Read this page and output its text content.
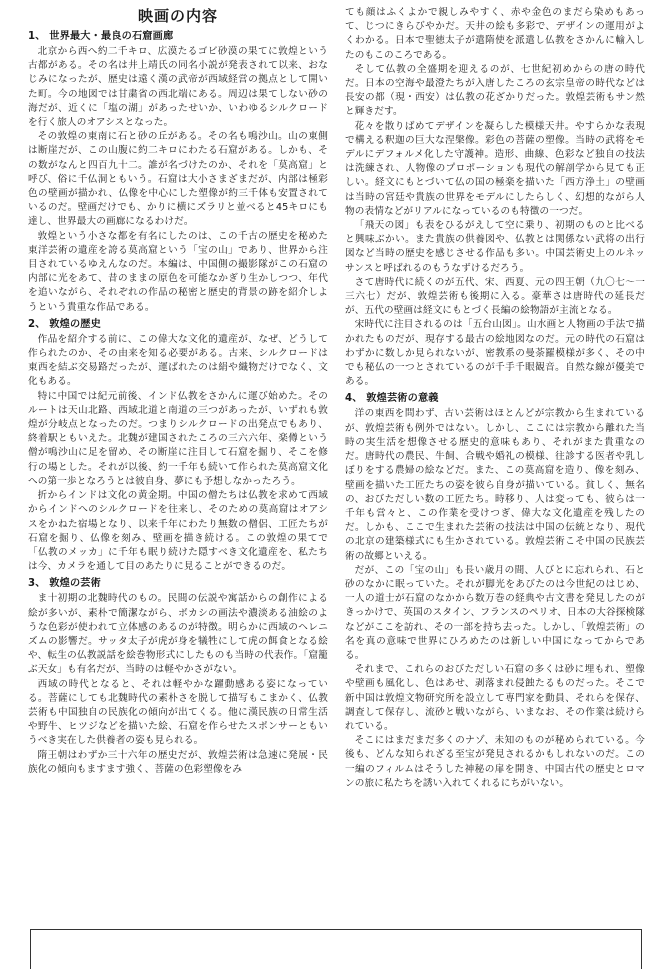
映画の内容
1、 世界最大・最良の石窟画廊

北京から西へ約二千キロ、広漠たるゴビ砂漠の果てに敦煌という古都がある。その名は井上靖氏の同名小説が発表されて以来、おなじみになったが、歴史は遠く漢の武帝が西域経営の拠点として開いた町。今の地図では甘粛省の西北端にある。周辺は果てしない砂の海だが、近くに「塩の湖」があったせいか、いわゆるシルクロードを行く旅人のオアシスとなった。

その敦煌の東南に石と砂の丘がある。その名も鳴沙山。山の東側は断崖だが、この山腹に約二キロにわたる石窟がある。しかも、その数がなんと四百九十二。誰が名づけたのか、それを「莫高窟」と呼び、俗に千仏洞ともいう。石窟は大小さまざまだが、内部は極彩色の壁画が描かれ、仏像を中心にした塑像が約三千体も安置されているのだ。壁画だけでも、かりに横にズラリと並べると45キロにも達し、世界最大の画廊になるわけだ。

敦煌という小さな都を有名にしたのは、この千古の歴史を秘めた東洋芸術の遺産を誇る莫高窟という「宝の山」であり、世界から注目されているゆえんなのだ。本編は、中国側の撮影隊がこの石窟の内部に光をあて、昔のままの原色を可能なかぎり生かしつつ、年代を追いながら、それぞれの作品の秘密と歴史的背景の跡を紹介しようという貴重な作品である。

2、 敦煌の歴史

作品を紹介する前に、この偉大な文化的遺産が、なぜ、どうして作られたのか、その由来を知る必要がある。古来、シルクロードは東西を結ぶ交易路だったが、運ばれたのは絹や織物だけでなく、文化もある。

特に中国では紀元前後、インド仏教をさかんに運び始めた。そのルートは天山北路、西域北道と南道の三つがあったが、いずれも敦煌が分岐点となったのだ。つまりシルクロードの出発点でもあり、終着駅ともいえた。北魏が建国されたころの三六六年、楽僔という僧が鳴沙山に足を留め、その断崖に注目して石窟を掘り、そこを修行の場とした。それが以後、約一千年も続いて作られた莫高窟文化への第一歩となろうとは彼自身、夢にも予想しなかったろう。

折からインドは文化の黄金期。中国の僧たちは仏教を求めて西域からインドへのシルクロードを往来し、そのための莫高窟はオアシスをかねた宿場となり、以来千年にわたり無数の僧侶、工匠たちが石窟を掘り、仏像を刻み、壁画を描き続ける。この敦煌の果てで「仏教のメッカ」に千年も眠り続けた隠すべき文化遺産を、私たちは今、カメラを通して目のあたりに見ることができるのだ。

3、 敦煌の芸術

ま十初期の北魏時代のもの。民間の伝説や寓話からの創作による絵が多いが、素朴で簡潔ながら、ボカシの画法や濃淡ある油絵のような色彩が使われて立体感のあるのが特徴。明らかに西域のヘレニズムの影響だ。サッタ太子が虎が身を犠牲にして虎の餌食となる絵や、転生の仏教説話を絵巻物形式にしたものも当時の代表作。「窟籠ぶ天女」も有名だが、当時のは軽やかさがない。

西域の時代となると、それは軽やかな躍動感ある姿になっている。菩薩にしても北魏時代の素朴さを脱して描写もこまかく、仏教芸術も中国独自の民族化の傾向が出てくる。他に漢民族の日常生活や野牛、ヒツジなどを描いた絵、石窟を作らせたスポンサーともいうべき実在した供養者の姿も見られる。

隋王朝はわずか三十六年の歴史だが、敦煌芸術は急速に発展・民族化の傾向もますます強く、菩薩の色彩塑像をみ

ても顔はふくよかで親しみやすく、赤や金色のまだら染めもあって、じつにきらびやかだ。天井の絵も多彩で、デザインの運用がよくわかる。日本で聖徳太子が遣隋使を派遣し仏教をさかんに輸入したのもこのころである。

そして仏教の全盛期を迎えるのが、七世紀初めからの唐の時代だ。日本の空海や最澄たちが入唐したころの玄宗皇帝の時代などは長安の都（現・西安）は仏教の花ざかりだった。敦煌芸術もサン然と輝きだす。

花々を散りばめてデザインを凝らした模様天井。やすらかな表現で構える釈迦の巨大な涅槃像。彩色の菩薩の塑像。当時の武将をモデルにデフォルメ化した守護神。造形、曲線、色彩など独自の技法は洗練され、人物像のプロポーションも現代の解剖学から見ても正しい。経文にもとづいて仏の国の極楽を描いた「西方浄土」の壁画は当時の宮廷や貴族の世界をモデルにしたらしく、幻想的ながら人物の表情などがリアルになっているのも特徴の一つだ。

「飛天の図」も表をひるがえして空に乗り、初期のものと比べると興味ぶかい。また貴族の供養図や、仏教とは関係ない武将の出行図など当時の歴史を感じさせる作品も多い。中国芸術史上のルネッサンスと呼ばれるのもうなずけるだろう。

さて唐時代に続くのが五代、宋、西夏、元の四王朝（九〇七〜一三六七）だが、敦煌芸術も後期に入る。豪華さは唐時代の延長だが、五代の壁画は経文にもとづく長編の絵物語が主流となる。

宋時代に注目されるのは「五台山図」。山水画と人物画の手法で描かれたものだが、現存する最古の絵地図なのだ。元の時代の石窟はわずかに数しか見られないが、密教系の曼荼羅模様が多く、その中でも秘仏の一つとされているのが千手千眼観音。自然な線が優美である。

4、 敦煌芸術の意義

洋の東西を問わず、古い芸術はほとんどが宗教から生まれているが、敦煌芸術も例外ではない。しかし、ここには宗教から離れた当時の実生活を想像させる歴史的意味もあり、それがまた貴重なのだ。唐時代の農民、牛飼、合戦や婚礼の模様、往診する医者や乳しぼりをする農婦の絵などだ。また、この莫高窟を造り、像を刻み、壁画を描いた工匠たちの姿を彼ら自身が描いている。貧しく、無名の、おびただしい数の工匠たち。時移り、人は変っても、彼らは一千年も営々と、この作業を受けつぎ、偉大な文化遺産を残したのだ。しかも、ここで生まれた芸術の技法は中国の伝統となり、現代の北京の建築様式にも生かされている。敦煌芸術こそ中国の民族芸術の故郷といえる。

だが、この「宝の山」も長い歳月の間、人びとに忘れられ、石と砂のなかに眠っていた。それが脚光をあびたのは今世紀のはじめ、一人の道士が石窟のなかから数万巻の経典や古文書を発見したのがきっかけで、英国のスタイン、フランスのペリオ、日本の大谷探検隊などがここを訪れ、その一部を持ち去った。しかし、「敦煌芸術」の名を真の意味で世界にひろめたのは新しい中国になってからである。

それまで、これらのおびただしい石窟の多くは砂に埋もれ、塑像や壁画も風化し、色はあせ、剥落まれ侵蝕たるものだった。そこで新中国は敦煌文物研究所を設立して専門家を動員、それらを保存、調査して保存し、流砂と戦いながら、いまなお、その作業は続けられている。

そこにはまだまだ多くのナゾ、未知のものが秘められている。今後も、どんな知られざる至宝が発見されるかもしれないのだ。この一編のフィルムはそうした神秘の扉を開き、中国古代の歴史とロマンの旅に私たちを誘い入れてくれるにちがいない。
